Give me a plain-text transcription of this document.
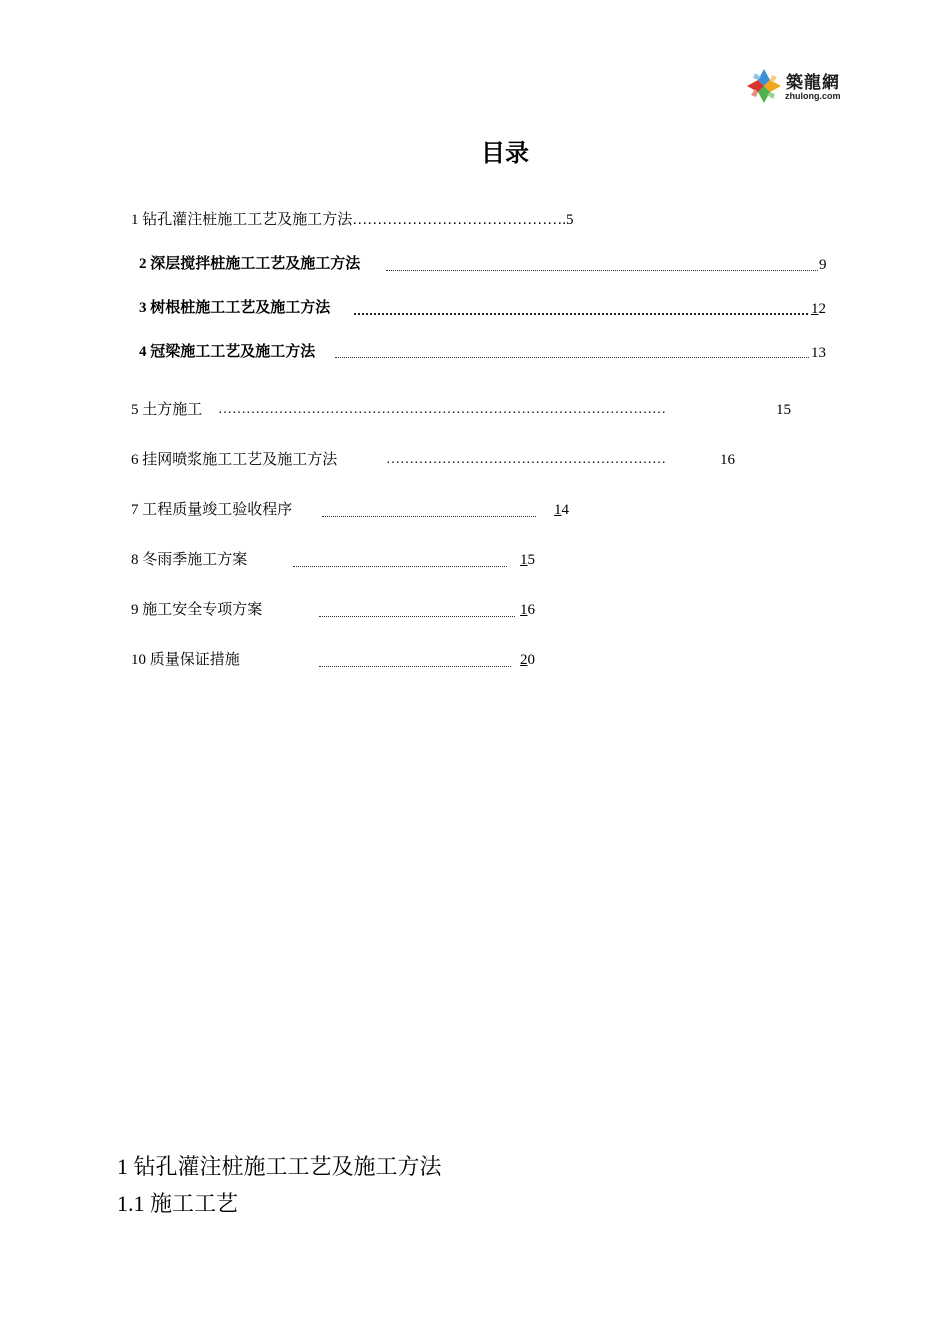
築龍網
zhulong.com
目录
1 钻孔灌注桩施工工艺及施工方法…………………………………….5
2 深层搅拌桩施工工艺及施工方法	9
3 树根桩施工工艺及施工方法	12
4 冠梁施工工艺及施工方法	13
5 土方施工 ……………………………………………………………………………………	15
6 挂网喷浆施工工艺及施工方法	……………………………………………………	16
7 工程质量竣工验收程序	14
8 冬雨季施工方案	15
9 施工安全专项方案	16
10 质量保证措施	20
1 钻孔灌注桩施工工艺及施工方法
1.1 施工工艺
